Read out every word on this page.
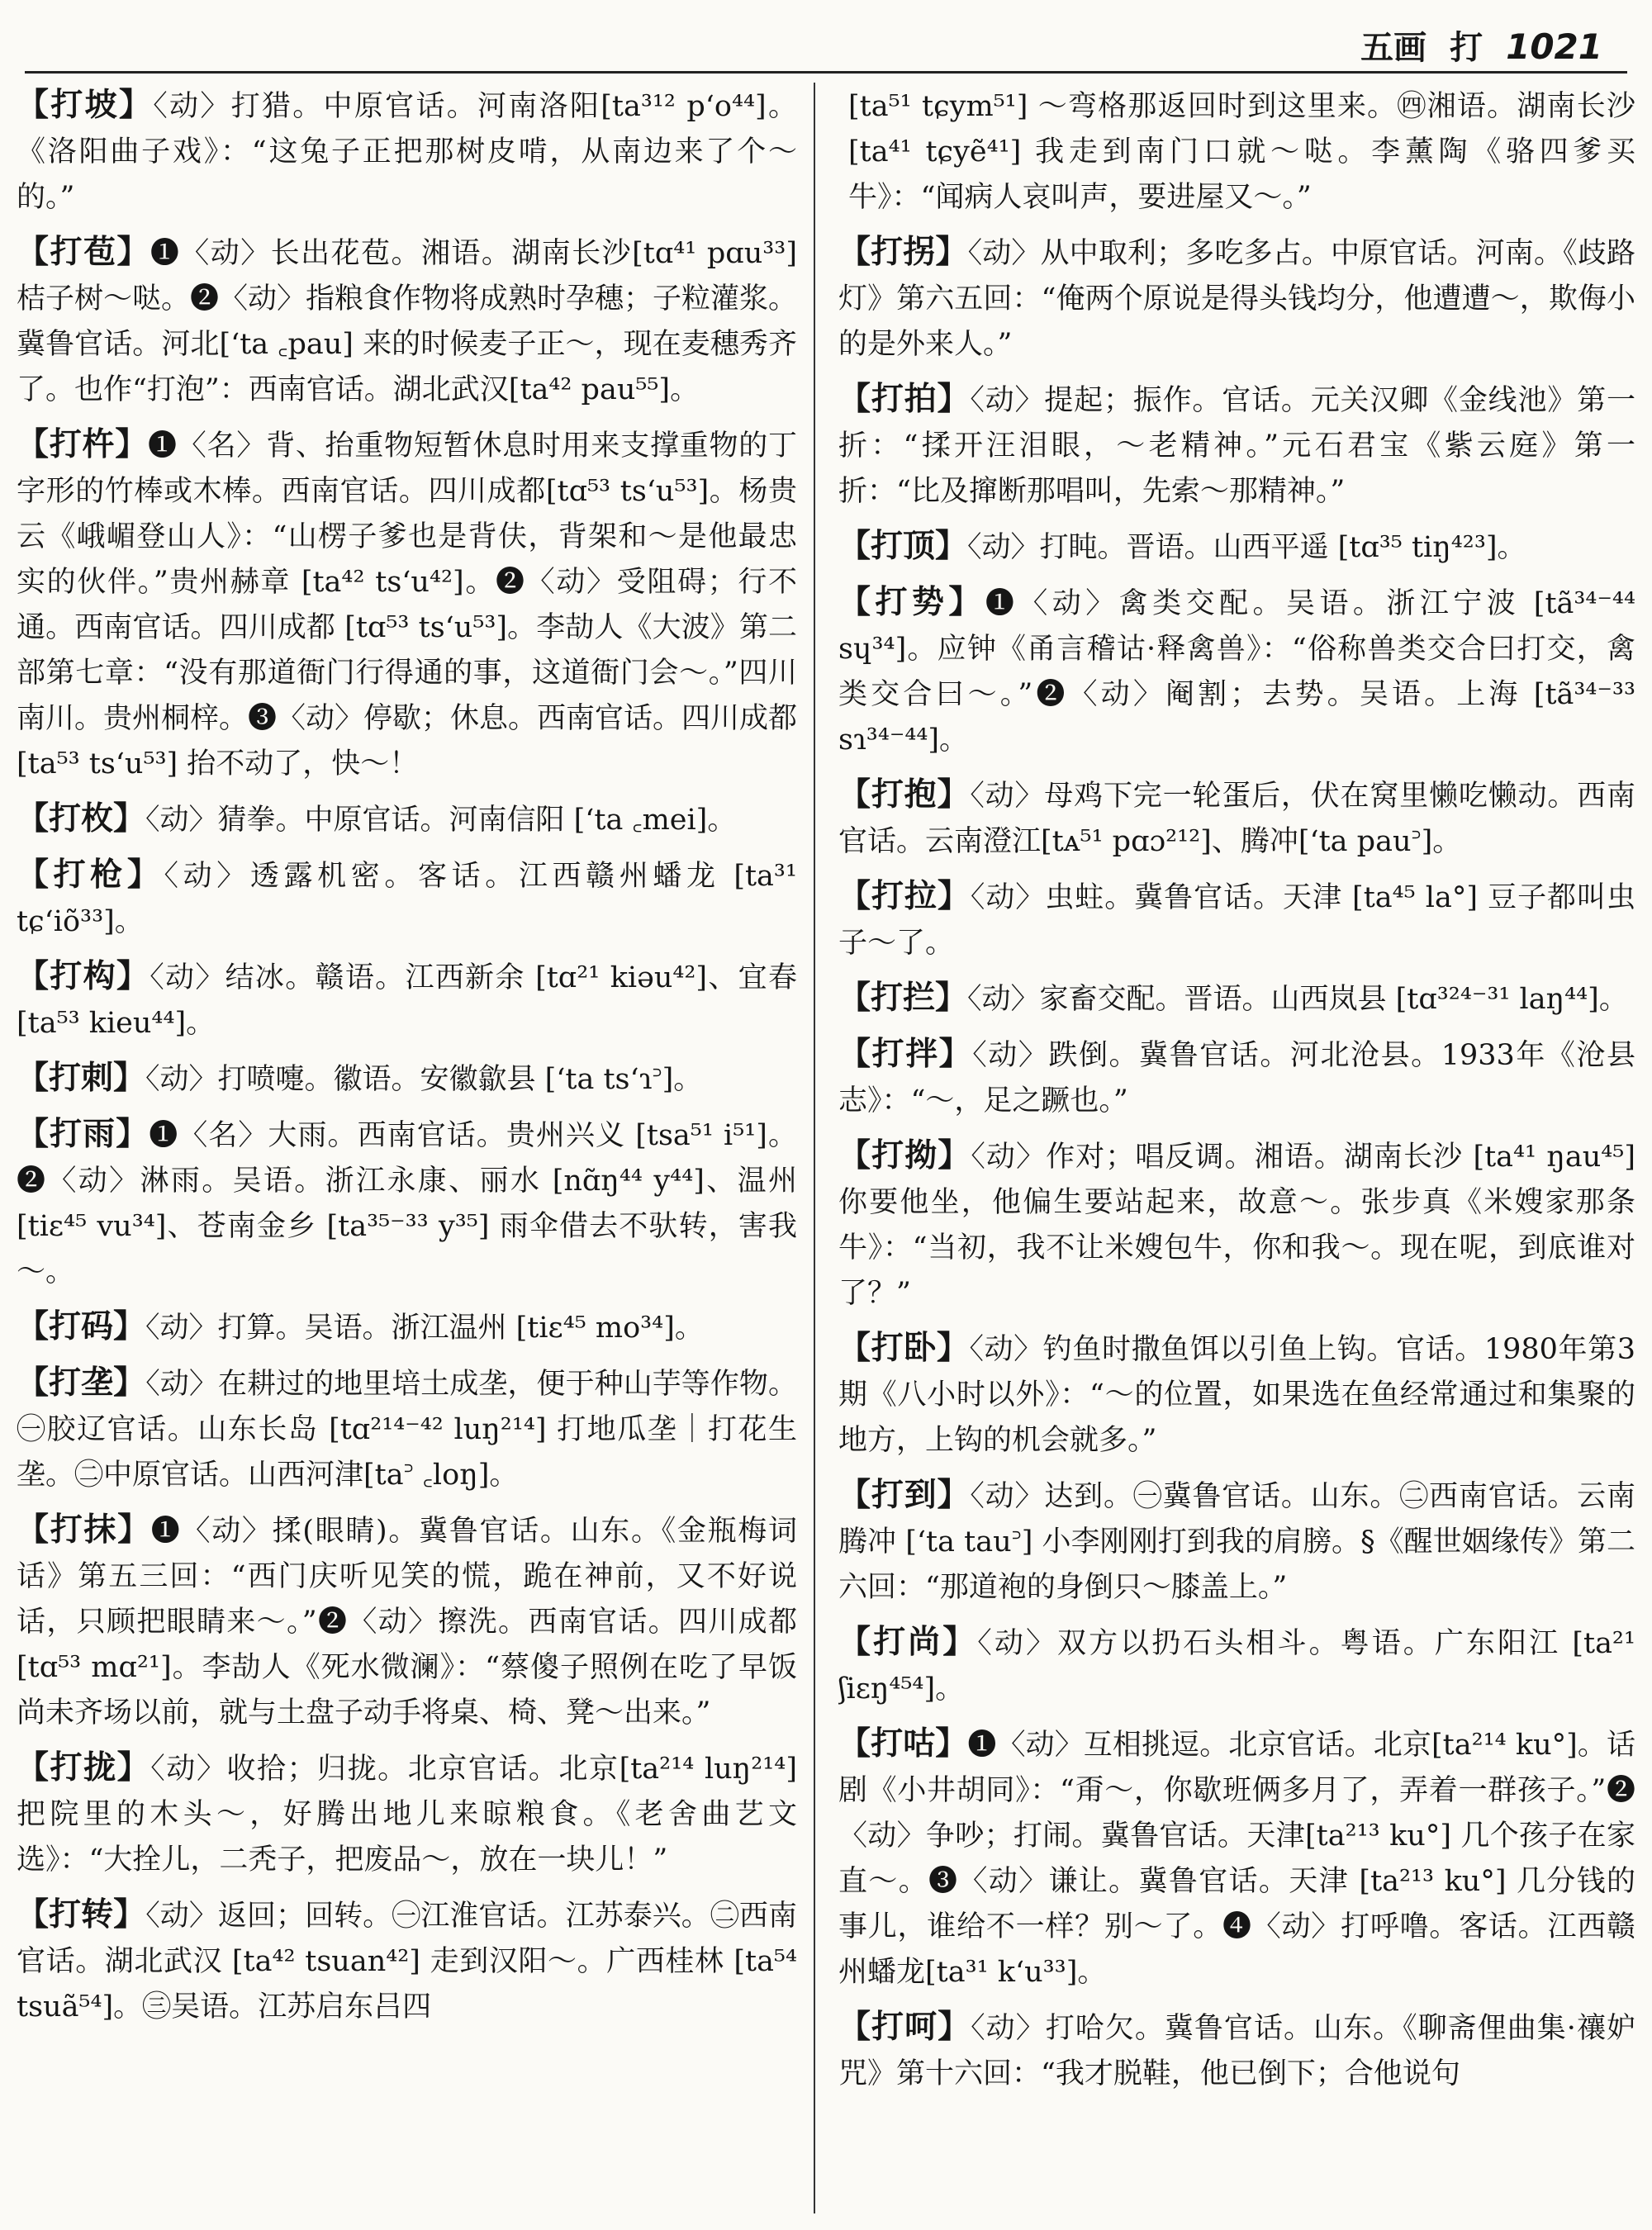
五画 打 1021

【打坡】〈动〉打猎。中原官话。河南洛阳[ta³¹² pʻo⁴⁴]。《洛阳曲子戏》：“这兔子正把那树皮啃，从南边来了个～的。”

【打苞】❶〈动〉长出花苞。湘语。湖南长沙[tɑ⁴¹ pɑu³³] 桔子树～哒。❷〈动〉指粮食作物将成熟时孕穗；子粒灌浆。冀鲁官话。河北[ʻta ꜀pau] 来的时候麦子正～，现在麦穗秀齐了。也作“打泡”：西南官话。湖北武汉[ta⁴² pau⁵⁵]。

【打杵】❶〈名〉背、抬重物短暂休息时用来支撑重物的丁字形的竹棒或木棒。西南官话。四川成都[tɑ⁵³ tsʻu⁵³]。杨贵云《峨嵋登山人》：“山楞子爹也是背伕，背架和～是他最忠实的伙伴。”贵州赫章 [ta⁴² tsʻu⁴²]。❷〈动〉受阻碍；行不通。西南官话。四川成都 [tɑ⁵³ tsʻu⁵³]。李劼人《大波》第二部第七章：“没有那道衙门行得通的事，这道衙门会～。”四川南川。贵州桐梓。❸〈动〉停歇；休息。西南官话。四川成都 [ta⁵³ tsʻu⁵³] 抬不动了，快～！

【打枚】〈动〉猜拳。中原官话。河南信阳 [ʻta ꜀mei]。

【打枪】〈动〉透露机密。客话。江西赣州蟠龙 [ta³¹ tɕʻiõ³³]。

【打构】〈动〉结冰。赣语。江西新余 [tɑ²¹ kiəu⁴²]、宜春 [ta⁵³ kieu⁴⁴]。

【打刺】〈动〉打喷嚏。徽语。安徽歙县 [ʻta tsʻɿ꜄]。

【打雨】❶〈名〉大雨。西南官话。贵州兴义 [tsa⁵¹ i⁵¹]。❷〈动〉淋雨。吴语。浙江永康、丽水 [nɑ̃ŋ⁴⁴ y⁴⁴]、温州 [tiɛ⁴⁵ vu³⁴]、苍南金乡 [ta³⁵⁻³³ y³⁵] 雨伞借去不驮转，害我～。

【打码】〈动〉打算。吴语。浙江温州 [tiɛ⁴⁵ mo³⁴]。

【打垄】〈动〉在耕过的地里培土成垄，便于种山芋等作物。㊀胶辽官话。山东长岛 [tɑ²¹⁴⁻⁴² luŋ²¹⁴] 打地瓜垄｜打花生垄。㊁中原官话。山西河津[ta꜄ ꜀loŋ]。

【打抹】❶〈动〉揉(眼睛)。冀鲁官话。山东。《金瓶梅词话》第五三回：“西门庆听见笑的慌，跪在神前，又不好说话，只顾把眼睛来～。”❷〈动〉擦洗。西南官话。四川成都 [tɑ⁵³ mɑ²¹]。李劼人《死水微澜》：“蔡傻子照例在吃了早饭尚未齐场以前，就与土盘子动手将桌、椅、凳～出来。”

【打拢】〈动〉收拾；归拢。北京官话。北京[ta²¹⁴ luŋ²¹⁴] 把院里的木头～，好腾出地儿来晾粮食。《老舍曲艺文选》：“大拴儿，二秃子，把废品～，放在一块儿！”

【打转】〈动〉返回；回转。㊀江淮官话。江苏泰兴。㊁西南官话。湖北武汉 [ta⁴² tsuan⁴²] 走到汉阳～。广西桂林 [ta⁵⁴ tsuã⁵⁴]。㊂吴语。江苏启东吕四

[ta⁵¹ tɕym⁵¹] ～弯格那返回时到这里来。㊃湘语。湖南长沙 [ta⁴¹ tɕyẽ⁴¹] 我走到南门口就～哒。李薰陶《骆四爹买牛》：“闻病人哀叫声，要进屋又～。”

【打拐】〈动〉从中取利；多吃多占。中原官话。河南。《歧路灯》第六五回：“俺两个原说是得头钱均分，他遭遭～，欺侮小的是外来人。”

【打拍】〈动〉提起；振作。官话。元关汉卿《金线池》第一折：“揉开汪泪眼，～老精神。”元石君宝《紫云庭》第一折：“比及撺断那唱叫，先索～那精神。”

【打顶】〈动〉打盹。晋语。山西平遥 [tɑ³⁵ tiŋ⁴²³]。

【打势】❶〈动〉禽类交配。吴语。浙江宁波 [tã³⁴⁻⁴⁴ sɥ³⁴]。应钟《甬言稽诂·释禽兽》：“俗称兽类交合曰打交，禽类交合曰～。”❷〈动〉阉割；去势。吴语。上海 [tã³⁴⁻³³ sɿ³⁴⁻⁴⁴]。

【打抱】〈动〉母鸡下完一轮蛋后，伏在窝里懒吃懒动。西南官话。云南澄江[tᴀ⁵¹ pɑɔ²¹²]、腾冲[ʻta pau꜄]。

【打拉】〈动〉虫蛀。冀鲁官话。天津 [ta⁴⁵ la°] 豆子都叫虫子～了。

【打拦】〈动〉家畜交配。晋语。山西岚县 [tɑ³²⁴⁻³¹ laŋ⁴⁴]。

【打拌】〈动〉跌倒。冀鲁官话。河北沧县。1933年《沧县志》：“～，足之蹶也。”

【打拗】〈动〉作对；唱反调。湘语。湖南长沙 [ta⁴¹ ŋau⁴⁵] 你要他坐，他偏生要站起来，故意～。张步真《米嫂家那条牛》：“当初，我不让米嫂包牛，你和我～。现在呢，到底谁对了？”

【打卧】〈动〉钓鱼时撒鱼饵以引鱼上钩。官话。1980年第3期《八小时以外》：“～的位置，如果选在鱼经常通过和集聚的地方，上钩的机会就多。”

【打到】〈动〉达到。㊀冀鲁官话。山东。㊁西南官话。云南腾冲 [ʻta tau꜄] 小李刚刚打到我的肩膀。§《醒世姻缘传》第二六回：“那道袍的身倒只～膝盖上。”

【打尚】〈动〉双方以扔石头相斗。粤语。广东阳江 [ta²¹ ʃiɛŋ⁴⁵⁴]。

【打咕】❶〈动〉互相挑逗。北京官话。北京[ta²¹⁴ ku°]。话剧《小井胡同》：“甭～，你歇班俩多月了，弄着一群孩子。”❷〈动〉争吵；打闹。冀鲁官话。天津[ta²¹³ ku°] 几个孩子在家直～。❸〈动〉谦让。冀鲁官话。天津 [ta²¹³ ku°] 几分钱的事儿，谁给不一样？别～了。❹〈动〉打呼噜。客话。江西赣州蟠龙[ta³¹ kʻu³³]。

【打呵】〈动〉打哈欠。冀鲁官话。山东。《聊斋俚曲集·禳妒咒》第十六回：“我才脱鞋，他已倒下；合他说句
